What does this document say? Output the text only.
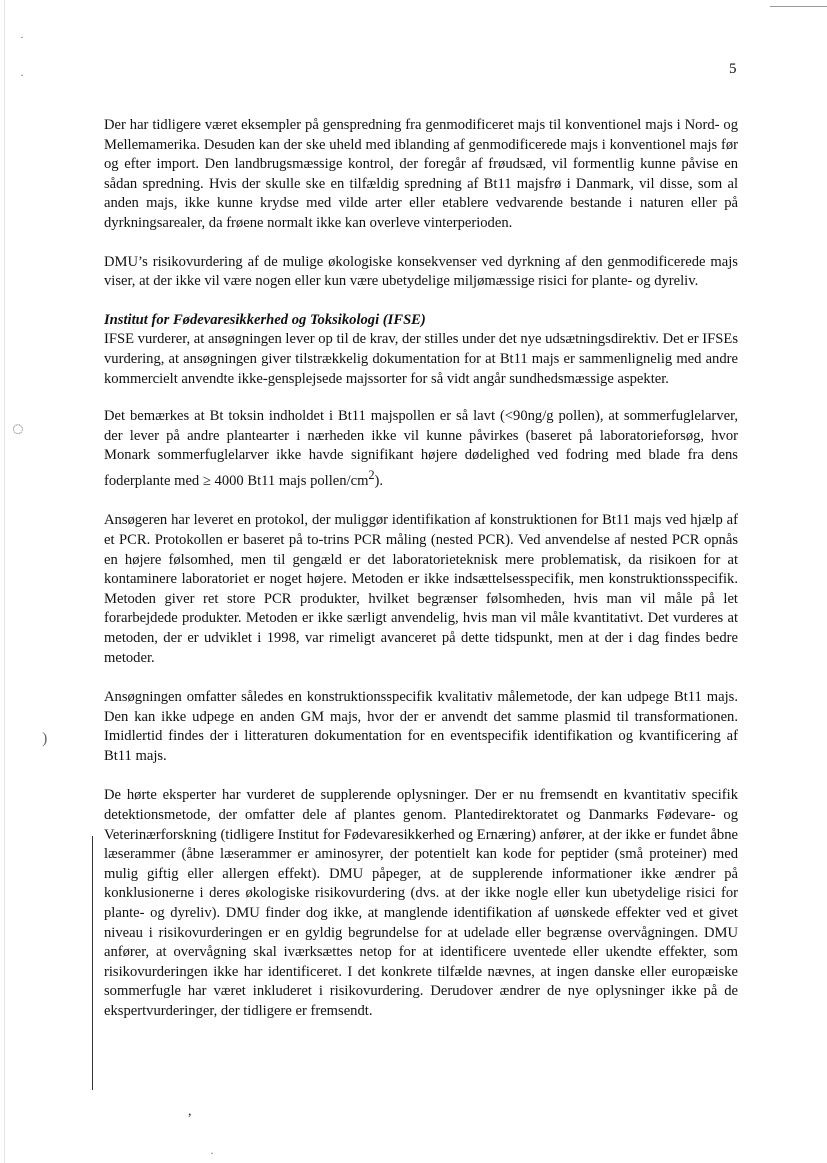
5

Der har tidligere været eksempler på genspredning fra genmodificeret majs til konventionel majs i Nord- og Mellemamerika. Desuden kan der ske uheld med iblanding af genmodificerede majs i konventionel majs før og efter import. Den landbrugsmæssige kontrol, der foregår af frøudsæd, vil formentlig kunne påvise en sådan spredning. Hvis der skulle ske en tilfældig spredning af Bt11 majsfrø i Danmark, vil disse, som al anden majs, ikke kunne krydse med vilde arter eller etablere vedvarende bestande i naturen eller på dyrkningsarealer, da frøene normalt ikke kan overleve vinterperioden.

DMU’s risikovurdering af de mulige økologiske konsekvenser ved dyrkning af den genmodificerede majs viser, at der ikke vil være nogen eller kun være ubetydelige miljømæssige risici for plante- og dyreliv.

Institut for Fødevaresikkerhed og Toksikologi (IFSE)

IFSE vurderer, at ansøgningen lever op til de krav, der stilles under det nye udsætningsdirektiv. Det er IFSEs vurdering, at ansøgningen giver tilstrækkelig dokumentation for at Bt11 majs er sammenlignelig med andre kommercielt anvendte ikke-gensplejsede majssorter for så vidt angår sundhedsmæssige aspekter.

Det bemærkes at Bt toksin indholdet i Bt11 majspollen er så lavt (<90ng/g pollen), at sommerfuglelarver, der lever på andre plantearter i nærheden ikke vil kunne påvirkes (baseret på laboratorieforsøg, hvor Monark sommerfuglelarver ikke havde signifikant højere dødelighed ved fodring med blade fra dens foderplante med ≥ 4000 Bt11 majs pollen/$cm^2$).

Ansøgeren har leveret en protokol, der muliggør identifikation af konstruktionen for Bt11 majs ved hjælp af et PCR. Protokollen er baseret på to-trins PCR måling (nested PCR). Ved anvendelse af nested PCR opnås en højere følsomhed, men til gengæld er det laboratorieteknisk mere problematisk, da risikoen for at kontaminere laboratoriet er noget højere. Metoden er ikke indsættelsesspecifik, men konstruktionsspecifik. Metoden giver ret store PCR produkter, hvilket begrænser følsomheden, hvis man vil måle på let forarbejdede produkter. Metoden er ikke særligt anvendelig, hvis man vil måle kvantitativt. Det vurderes at metoden, der er udviklet i 1998, var rimeligt avanceret på dette tidspunkt, men at der i dag findes bedre metoder.

Ansøgningen omfatter således en konstruktionsspecifik kvalitativ målemetode, der kan udpege Bt11 majs. Den kan ikke udpege en anden GM majs, hvor der er anvendt det samme plasmid til transformationen. Imidlertid findes der i litteraturen dokumentation for en eventspecifik identifikation og kvantificering af Bt11 majs.

De hørte eksperter har vurderet de supplerende oplysninger. Der er nu fremsendt en kvantitativ specifik detektionsmetode, der omfatter dele af plantes genom. Plantedirektoratet og Danmarks Fødevare- og Veterinærforskning (tidligere Institut for Fødevaresikkerhed og Ernæring) anfører, at der ikke er fundet åbne læserammer (åbne læserammer er aminosyrer, der potentielt kan kode for peptider (små proteiner) med mulig giftig eller allergen effekt). DMU påpeger, at de supplerende informationer ikke ændrer på konklusionerne i deres økologiske risikovurdering (dvs. at der ikke nogle eller kun ubetydelige risici for plante- og dyreliv). DMU finder dog ikke, at manglende identifikation af uønskede effekter ved et givet niveau i risikovurderingen er en gyldig begrundelse for at udelade eller begrænse overvågningen. DMU anfører, at overvågning skal iværksættes netop for at identificere uventede eller ukendte effekter, som risikovurderingen ikke har identificeret. I det konkrete tilfælde nævnes, at ingen danske eller europæiske sommerfugle har været inkluderet i risikovurdering. Derudover ændrer de nye oplysninger ikke på de ekspertvurderinger, der tidligere er fremsendt.

·
·
◌
)
,
·
